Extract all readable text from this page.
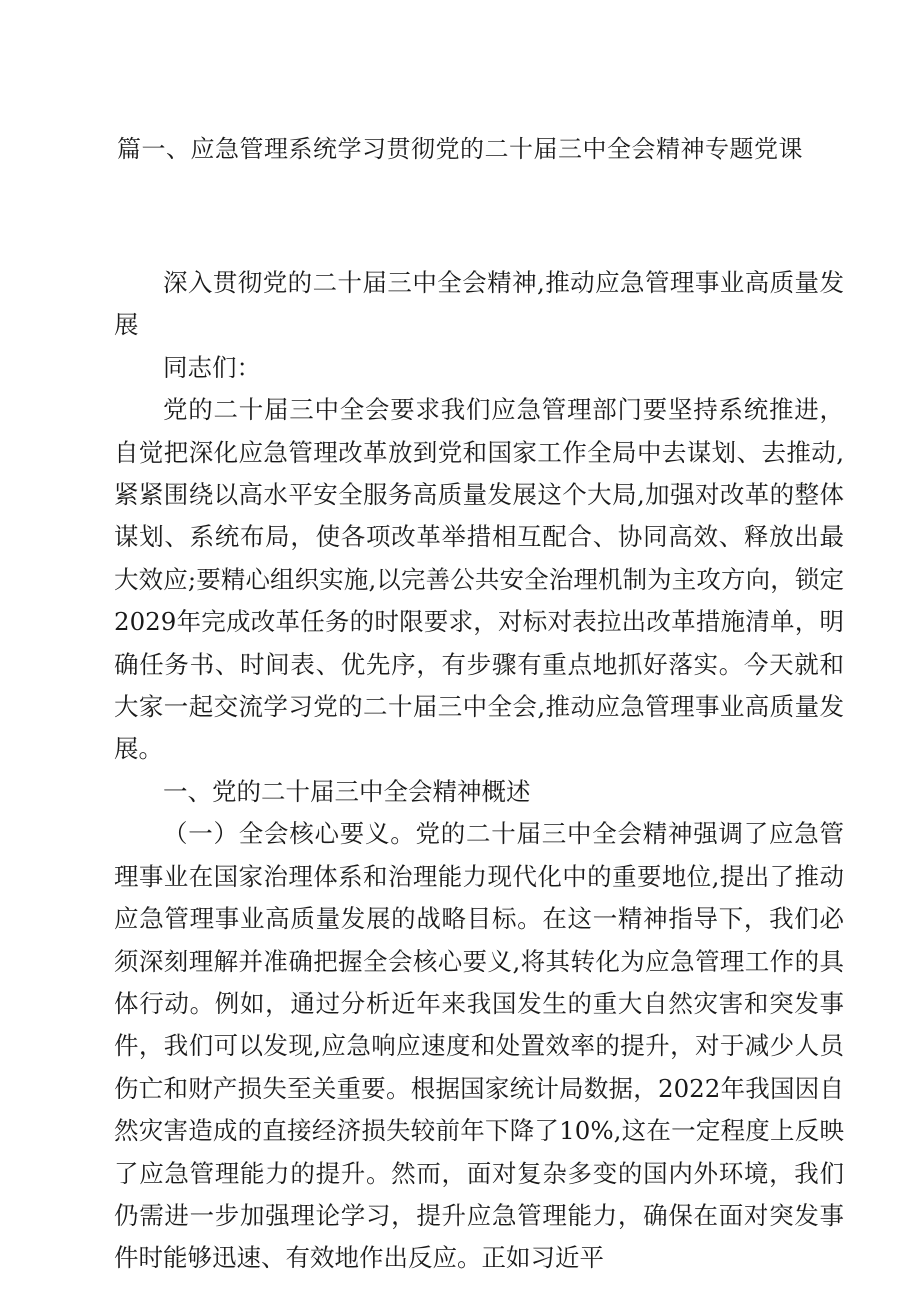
篇一、应急管理系统学习贯彻党的二十届三中全会精神专题党课

深入贯彻党的二十届三中全会精神,推动应急管理事业高质量发展

同志们：

党的二十届三中全会要求我们应急管理部门要坚持系统推进，自觉把深化应急管理改革放到党和国家工作全局中去谋划、去推动,紧紧围绕以高水平安全服务高质量发展这个大局,加强对改革的整体谋划、系统布局，使各项改革举措相互配合、协同高效、释放出最大效应;要精心组织实施,以完善公共安全治理机制为主攻方向，锁定2029年完成改革任务的时限要求，对标对表拉出改革措施清单，明确任务书、时间表、优先序，有步骤有重点地抓好落实。今天就和大家一起交流学习党的二十届三中全会,推动应急管理事业高质量发展。

一、党的二十届三中全会精神概述

（一）全会核心要义。党的二十届三中全会精神强调了应急管理事业在国家治理体系和治理能力现代化中的重要地位,提出了推动应急管理事业高质量发展的战略目标。在这一精神指导下，我们必须深刻理解并准确把握全会核心要义,将其转化为应急管理工作的具体行动。例如，通过分析近年来我国发生的重大自然灾害和突发事件，我们可以发现,应急响应速度和处置效率的提升，对于减少人员伤亡和财产损失至关重要。根据国家统计局数据，2022年我国因自然灾害造成的直接经济损失较前年下降了10%,这在一定程度上反映了应急管理能力的提升。然而，面对复杂多变的国内外环境，我们仍需进一步加强理论学习，提升应急管理能力，确保在面对突发事件时能够迅速、有效地作出反应。正如习近平
